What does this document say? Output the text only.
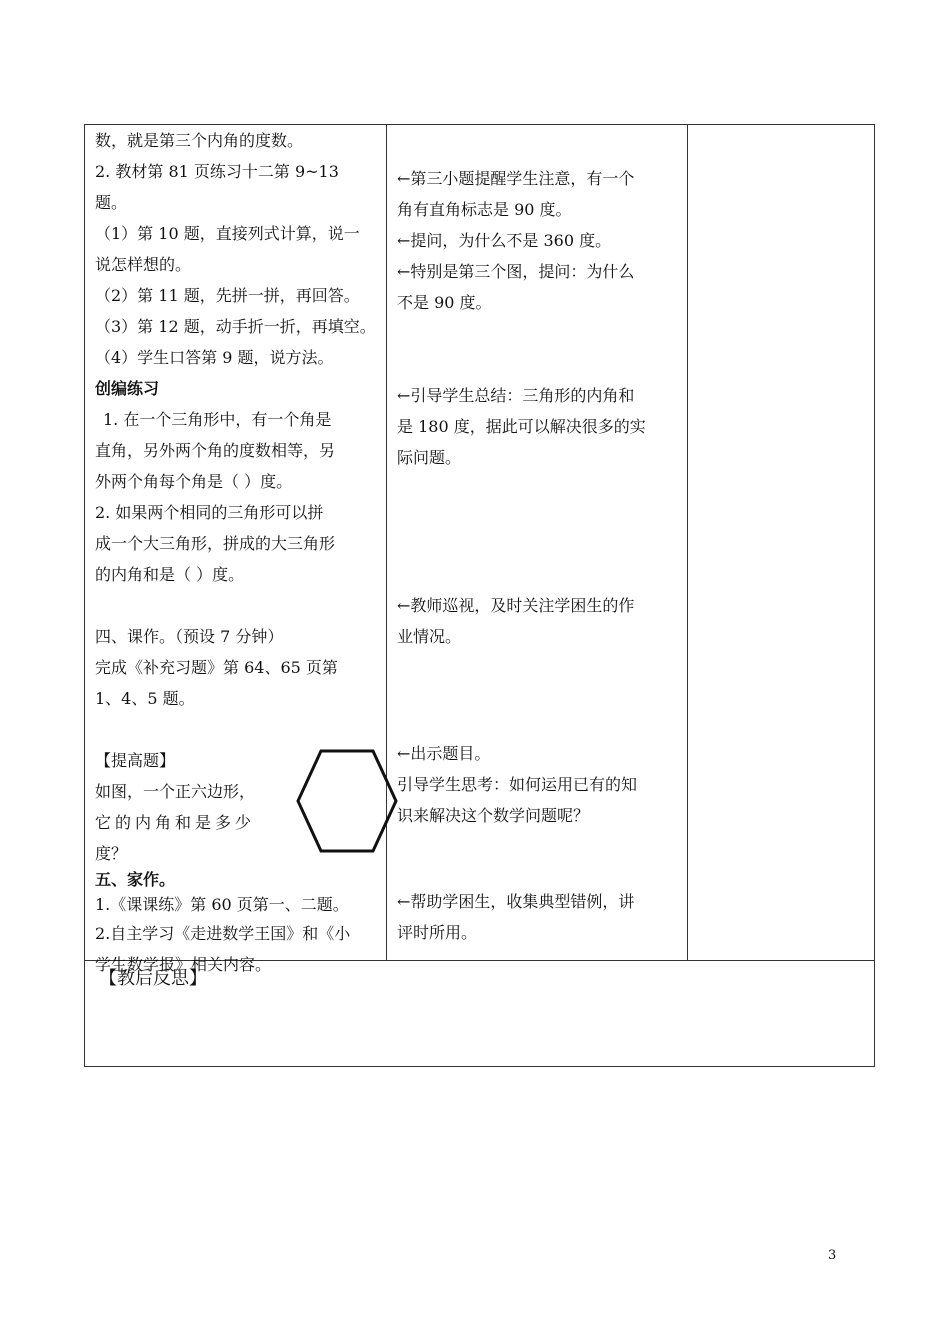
数，就是第三个内角的度数。

2. 教材第 81 页练习十二第 9~13

题。

（1）第 10 题，直接列式计算，说一

说怎样想的。

（2）第 11 题，先拼一拼，再回答。

（3）第 12 题，动手折一折，再填空。

（4）学生口答第 9 题，说方法。

创编练习

1. 在一个三角形中，有一个角是

直角，另外两个角的度数相等，另

外两个角每个角是（ ）度。

2. 如果两个相同的三角形可以拼

成一个大三角形，拼成的大三角形

的内角和是（ ）度。

四、课作。（预设 7 分钟）

完成《补充习题》第 64、65 页第

1、4、5 题。

【提高题】

如图，一个正六边形，

它的内角和是多少

度？

五、家作。

1.《课课练》第 60 页第一、二题。

2.自主学习《走进数学王国》和《小

学生数学报》相关内容。

←第三小题提醒学生注意，有一个

角有直角标志是 90 度。

←提问，为什么不是 360 度。

←特别是第三个图，提问：为什么

不是 90 度。

←引导学生总结：三角形的内角和

是 180 度，据此可以解决很多的实

际问题。

←教师巡视，及时关注学困生的作

业情况。

←出示题目。

引导学生思考：如何运用已有的知

识来解决这个数学问题呢？

←帮助学困生，收集典型错例，讲

评时所用。

【教后反思】
3
